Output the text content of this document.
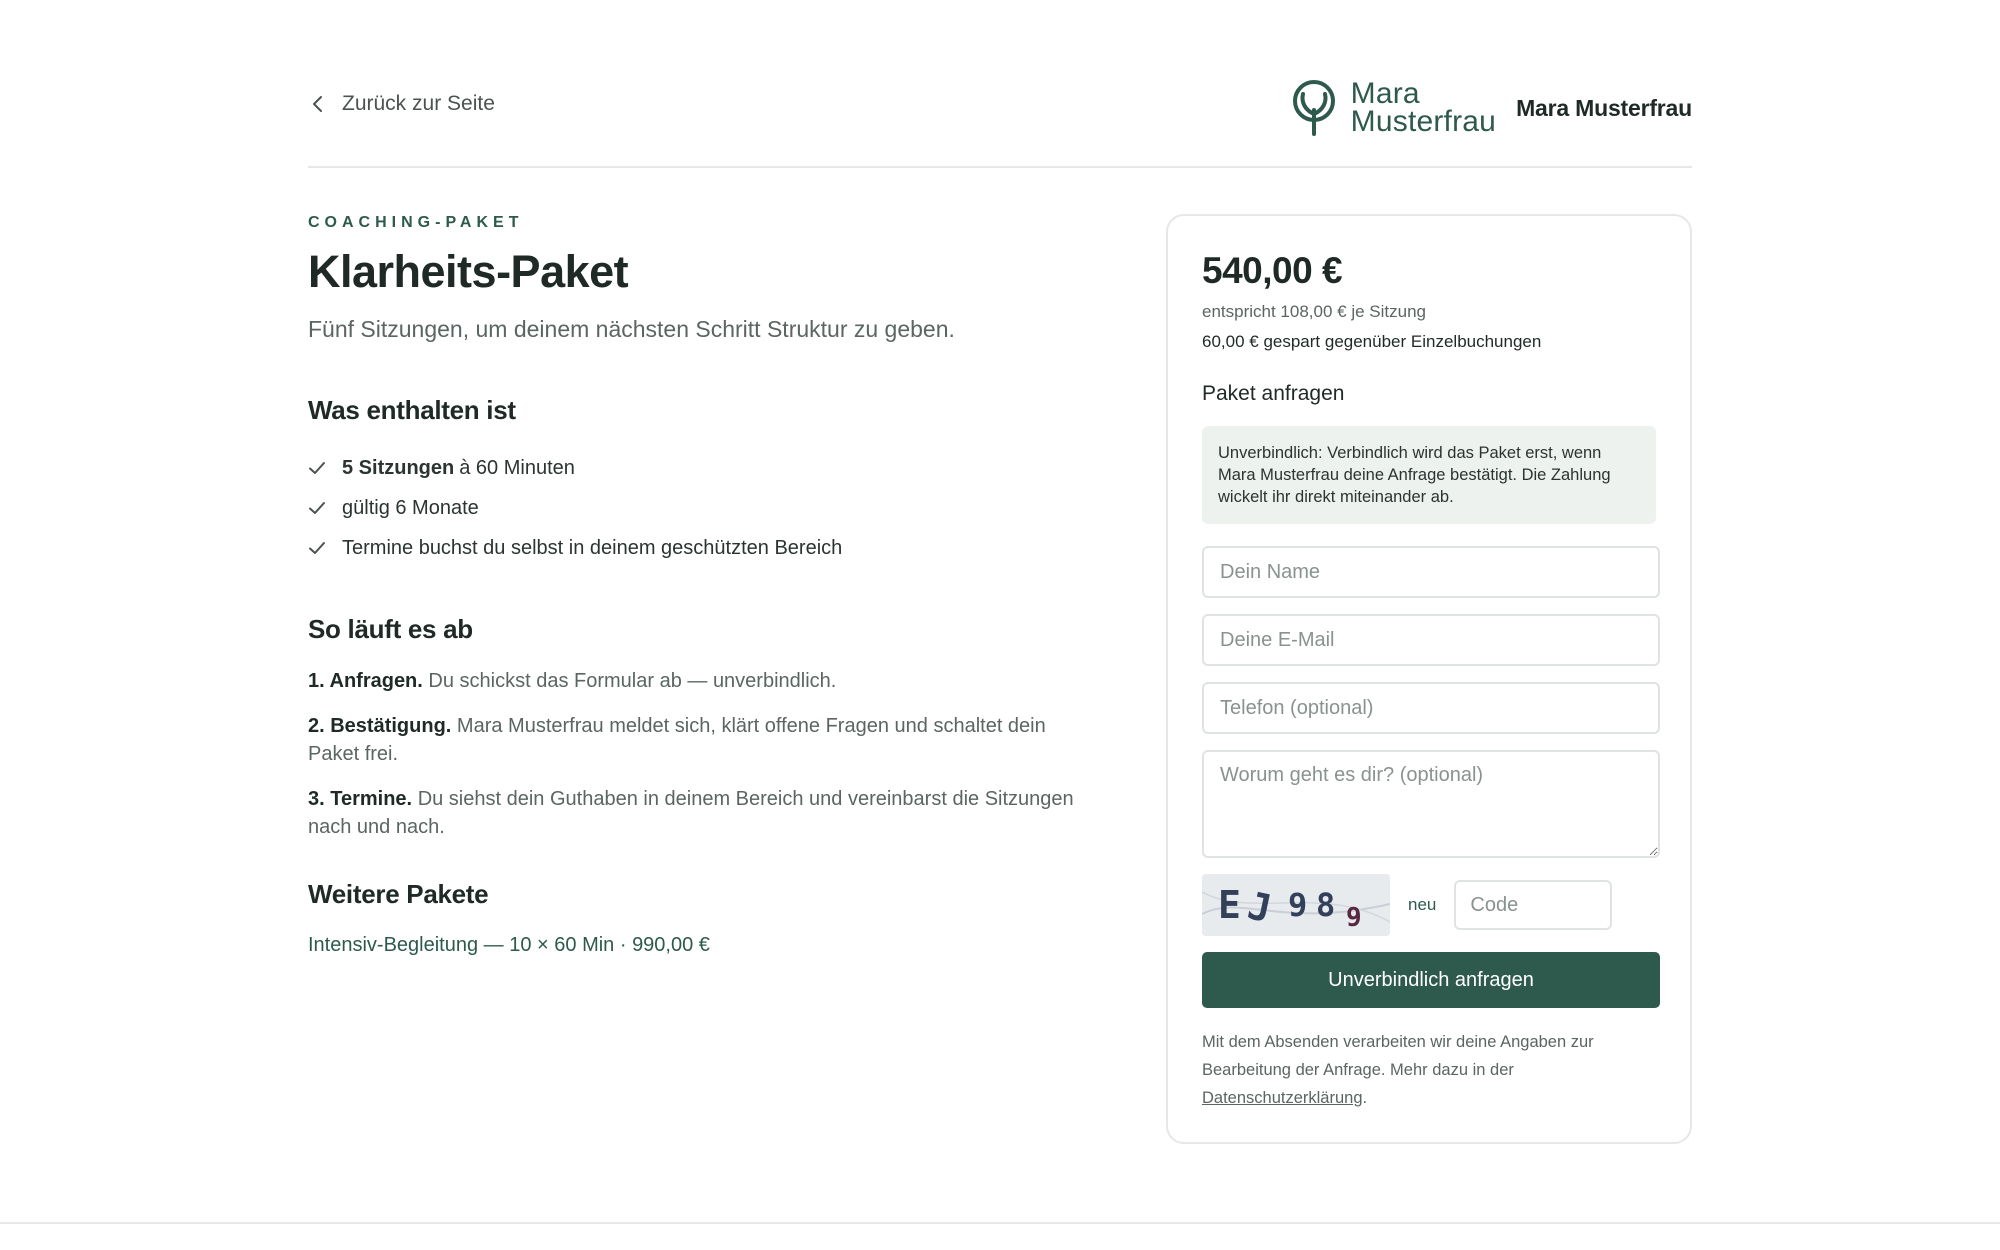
Zurück zur Seite	Mara
Musterfrau Mara Musterfrau
COACHING-PAKET
Klarheits-Paket

Fünf Sitzungen, um deinem nächsten Schritt Struktur zu geben.

Was enthalten ist
5 Sitzungen à 60 Minuten
gültig 6 Monate
Termine buchst du selbst in deinem geschützten Bereich
So läuft es ab

1. Anfragen. Du schickst das Formular ab — unverbindlich.

2. Bestätigung. Mara Musterfrau meldet sich, klärt offene Fragen und schaltet dein Paket frei.

3. Termine. Du siehst dein Guthaben in deinem Bereich und vereinbarst die Sitzungen nach und nach.

Weitere Pakete
Intensiv-Begleitung — 10 × 60 Min · 990,00 €
540,00 €
entspricht 108,00 € je Sitzung
60,00 € gespart gegenüber Einzelbuchungen
Paket anfragen
Unverbindlich: Verbindlich wird das Paket erst, wenn Mara Musterfrau deine Anfrage bestätigt. Die Zahlung wickelt ihr direkt miteinander ab.
Dein Name
Deine E-Mail
Telefon (optional)
Worum geht es dir? (optional)
E J 9 8 9	neu
Code
Unverbindlich anfragen

Mit dem Absenden verarbeiten wir deine Angaben zur Bearbeitung der Anfrage. Mehr dazu in der
Datenschutzerklärung.
